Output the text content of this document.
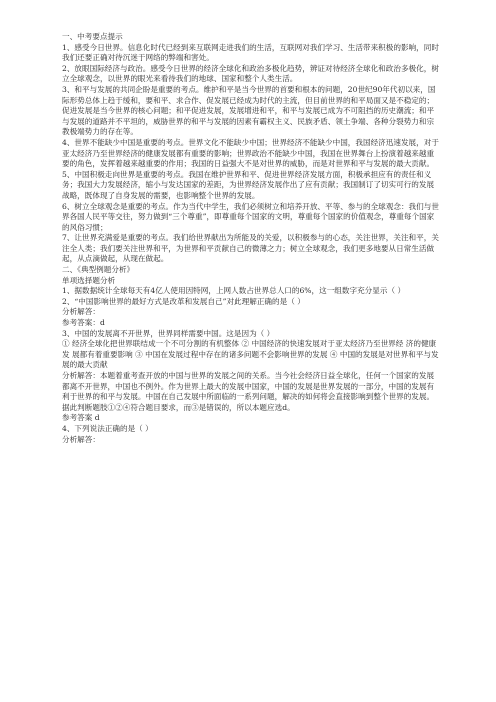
一、中考要点提示
1、感受今日世界。信息化时代已经到来互联网走进我们的生活，互联网对我们学习、生活带来积极的影响，同时我们还要正确对待沉迷于网络的弊端和害处。
2、放眼国际经济与政治。感受今日世界的经济全球化和政治多极化趋势，辨证对待经济全球化和政治多极化，树立全球观念，以世界的眼光来看待我们的地球、国家和整个人类生活。
3、和平与发展的共同企盼是重要的考点。维护和平是当今世界的首要和根本的问题，20世纪90年代初以来，国际形势总体上趋于缓和，要和平、求合作、促发展已经成为时代的主流，但目前世界的和平局面又是不稳定的；促进发展是当今世界的核心问题；和平促进发展，发展增进和平，和平与发展已成为不可阻挡的历史潮流；和平与发展的道路并不平坦的，威胁世界的和平与发展的因素有霸权主义、民族矛盾、领土争端、各种分裂势力和宗教极端势力的存在等。
4、世界不能缺少中国是重要的考点。世界文化不能缺少中国；世界经济不能缺少中国，我国经济迅速发展，对于亚太经济乃至世界经济的健康发展都有重要的影响；世界政治不能缺少中国，我国在世界舞台上扮演着越来越重要的角色，发挥着越来越重要的作用；我国的日益强大不是对世界的威胁，而是对世界和平与发展的最大贡献。
5、中国积极走向世界是重要的考点。我国在维护世界和平、促进世界经济发展方面，积极承担应有的责任和义务；我国大力发展经济，缩小与发达国家的差距，为世界经济发展作出了应有贡献；我国制订了切实可行的发展战略，既体现了自身发展的需要，也影响整个世界的发展。
6、树立全球观念是重要的考点。作为当代中学生，我们必须树立和培养开放、平等、参与的全球观念：我们与世界各国人民平等交往，努力做到“三个尊重”，即尊重每个国家的文明，尊重每个国家的价值观念，尊重每个国家的风俗习惯；
7、让世界充满爱是重要的考点。我们给世界献出为所能及的关爱，以积极参与的心态，关注世界，关注和平，关注全人类；我们要关注世界和平，为世界和平贡献自己的微薄之力；树立全球观念，我们更多地要从日常生活做起，从点滴做起，从现在做起。
二、《典型例题分析》
单项选择题分析
1、据数据统计全球每天有4亿人使用因特网，上网人数占世界总人口的6%，这一组数字充分显示（ ）
2、“中国影响世界的最好方式是改革和发展自己”对此理解正确的是（ ）
分析解答：
参考答案：d
3、中国的发展离不开世界，世界同样需要中国。这是因为（ ）
① 经济全球化把世界联结成一个不可分割的有机整体 ② 中国经济的快速发展对于亚太经济乃至世界经 济的健康发 展都有着重要影响 ③ 中国在发展过程中存在的诸多问题不会影响世界的发展 ④ 中国的发展是对世界和平与发展的最大贡献
分析解答：本题着重考查开放的中国与世界的发展之间的关系。当今社会经济日益全球化，任何一个国家的发展都离不开世界，中国也不例外。作为世界上最大的发展中国家，中国的发展是世界发展的一部分，中国的发展有利于世界的和平与发展。中国在自己发展中所面临的一系列问题，解决的如何将会直接影响到整个世界的发展。据此判断题肢①②④符合题目要求，而③是错误的，所以本题应选d。
参考答案 d
4、下列说法正确的是（ ）
分析解答：
